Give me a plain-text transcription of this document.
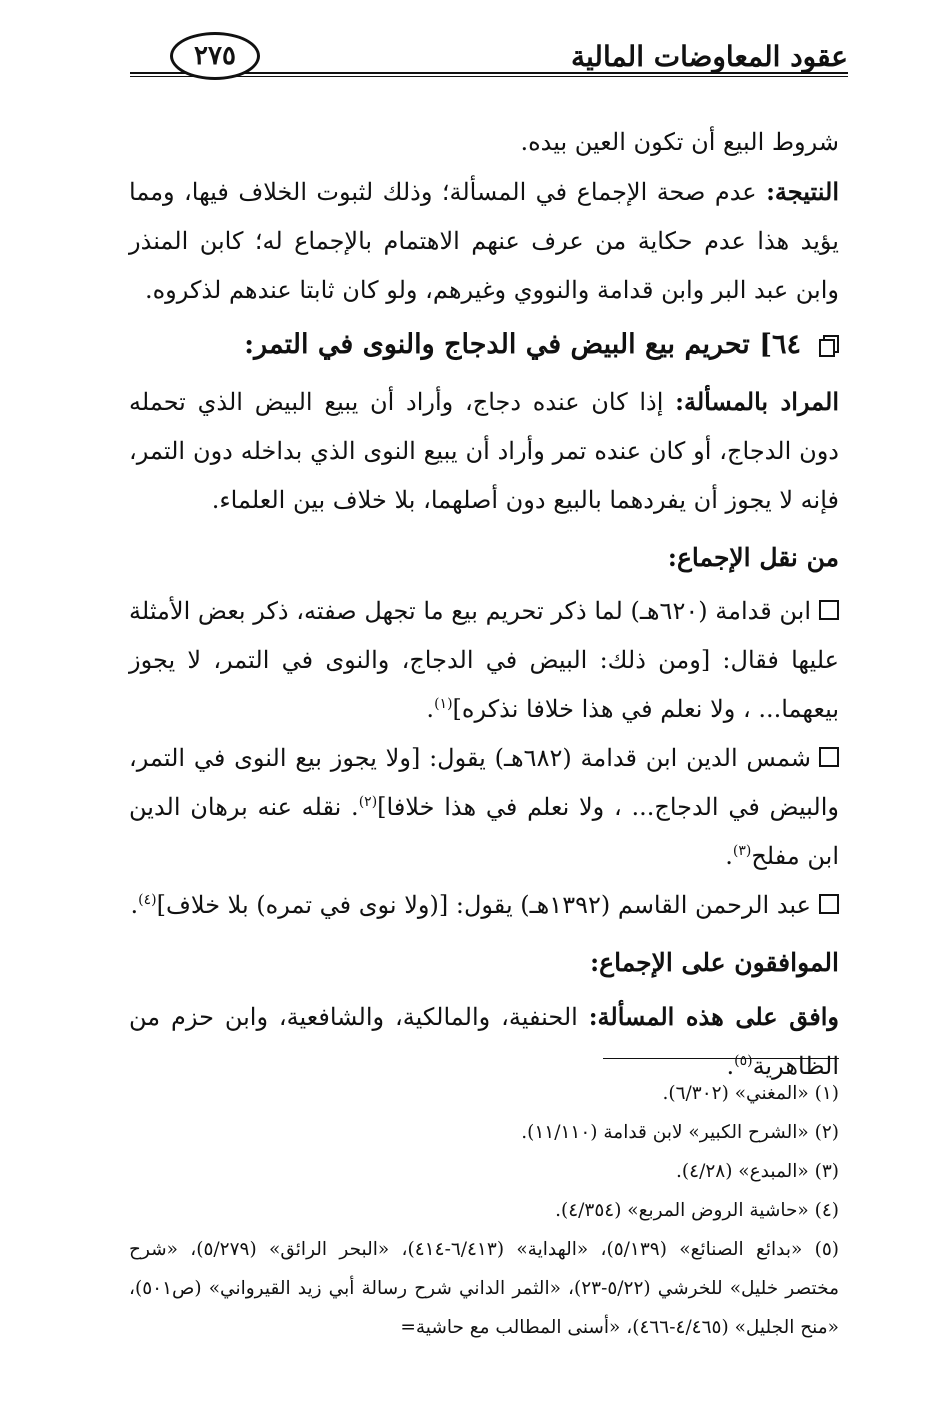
عقود المعاوضات المالية
٢٧٥

شروط البيع أن تكون العين بيده.

النتيجة: عدم صحة الإجماع في المسألة؛ وذلك لثبوت الخلاف فيها، ومما يؤيد هذا عدم حكاية من عرف عنهم الاهتمام بالإجماع له؛ كابن المنذر وابن عبد البر وابن قدامة والنووي وغيرهم، ولو كان ثابتا عندهم لذكروه.

٦٤] تحريم بيع البيض في الدجاج والنوى في التمر:

المراد بالمسألة: إذا كان عنده دجاج، وأراد أن يبيع البيض الذي تحمله دون الدجاج، أو كان عنده تمر وأراد أن يبيع النوى الذي بداخله دون التمر، فإنه لا يجوز أن يفردهما بالبيع دون أصلهما، بلا خلاف بين العلماء.

من نقل الإجماع:

ابن قدامة (٦٢٠هـ) لما ذكر تحريم بيع ما تجهل صفته، ذكر بعض الأمثلة عليها فقال: [ومن ذلك: البيض في الدجاج، والنوى في التمر، لا يجوز بيعهما... ، ولا نعلم في هذا خلافا نذكره]$^{(١)}$.

شمس الدين ابن قدامة (٦٨٢هـ) يقول: [ولا يجوز بيع النوى في التمر، والبيض في الدجاج... ، ولا نعلم في هذا خلافا]$^{(٢)}$. نقله عنه برهان الدين ابن مفلح$^{(٣)}$.

عبد الرحمن القاسم (١٣٩٢هـ) يقول: [(ولا نوى في تمره) بلا خلاف]$^{(٤)}$.

الموافقون على الإجماع:

وافق على هذه المسألة: الحنفية، والمالكية، والشافعية، وابن حزم من الظاهرية$^{(٥)}$.

(١) «المغني» (٦/٣٠٢).

(٢) «الشرح الكبير» لابن قدامة (١١/١١٠).

(٣) «المبدع» (٤/٢٨).

(٤) «حاشية الروض المربع» (٤/٣٥٤).

(٥) «بدائع الصنائع» (٥/١٣٩)، «الهداية» (٦/٤١٣-٤١٤)، «البحر الرائق» (٥/٢٧٩)، «شرح مختصر خليل» للخرشي (٥/٢٢-٢٣)، «الثمر الداني شرح رسالة أبي زيد القيرواني» (ص٥٠١)، «منح الجليل» (٤/٤٦٥-٤٦٦)، «أسنى المطالب مع حاشية=
